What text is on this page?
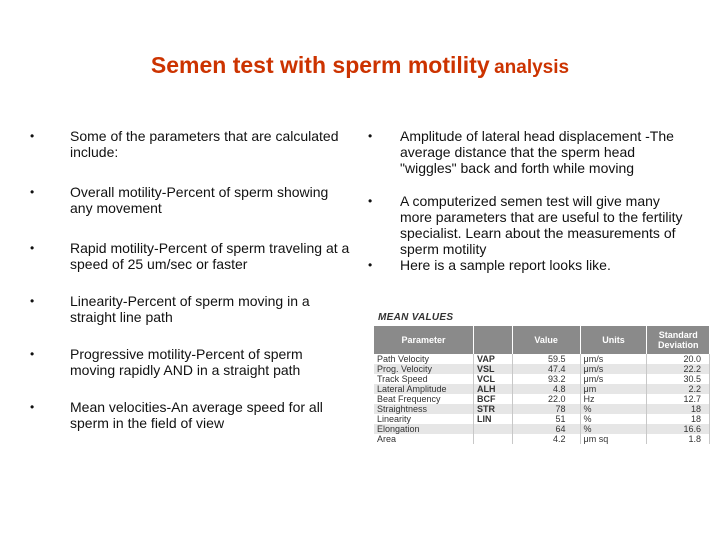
Semen test with sperm motility analysis
•	Some of the parameters that are calculated include:
•	Overall motility-Percent of sperm showing any movement
•	Rapid motility-Percent of sperm traveling at a speed of 25 um/sec or faster
•	Linearity-Percent of sperm moving in a straight line path
•	Progressive motility-Percent of sperm moving rapidly AND in a straight path
•	Mean velocities-An average speed for all sperm in the field of view
• Amplitude of lateral head displacement -The average distance that the sperm head "wiggles" back and forth while moving
• A computerized semen test will give many more parameters that are useful to the fertility specialist. Learn about the measurements of sperm motility
• Here is a sample report looks like.
MEAN VALUES
Parameter		Value	Units	Standard Deviation
Path Velocity	VAP	59.5	μm/s	20.0
Prog. Velocity	VSL	47.4	μm/s	22.2
Track Speed	VCL	93.2	μm/s	30.5
Lateral Amplitude	ALH	4.8	μm	2.2
Beat Frequency	BCF	22.0	Hz	12.7
Straightness	STR	78	%	18
Linearity	LIN	51	%	18
Elongation		64	%	16.6
Area		4.2	μm sq	1.8
